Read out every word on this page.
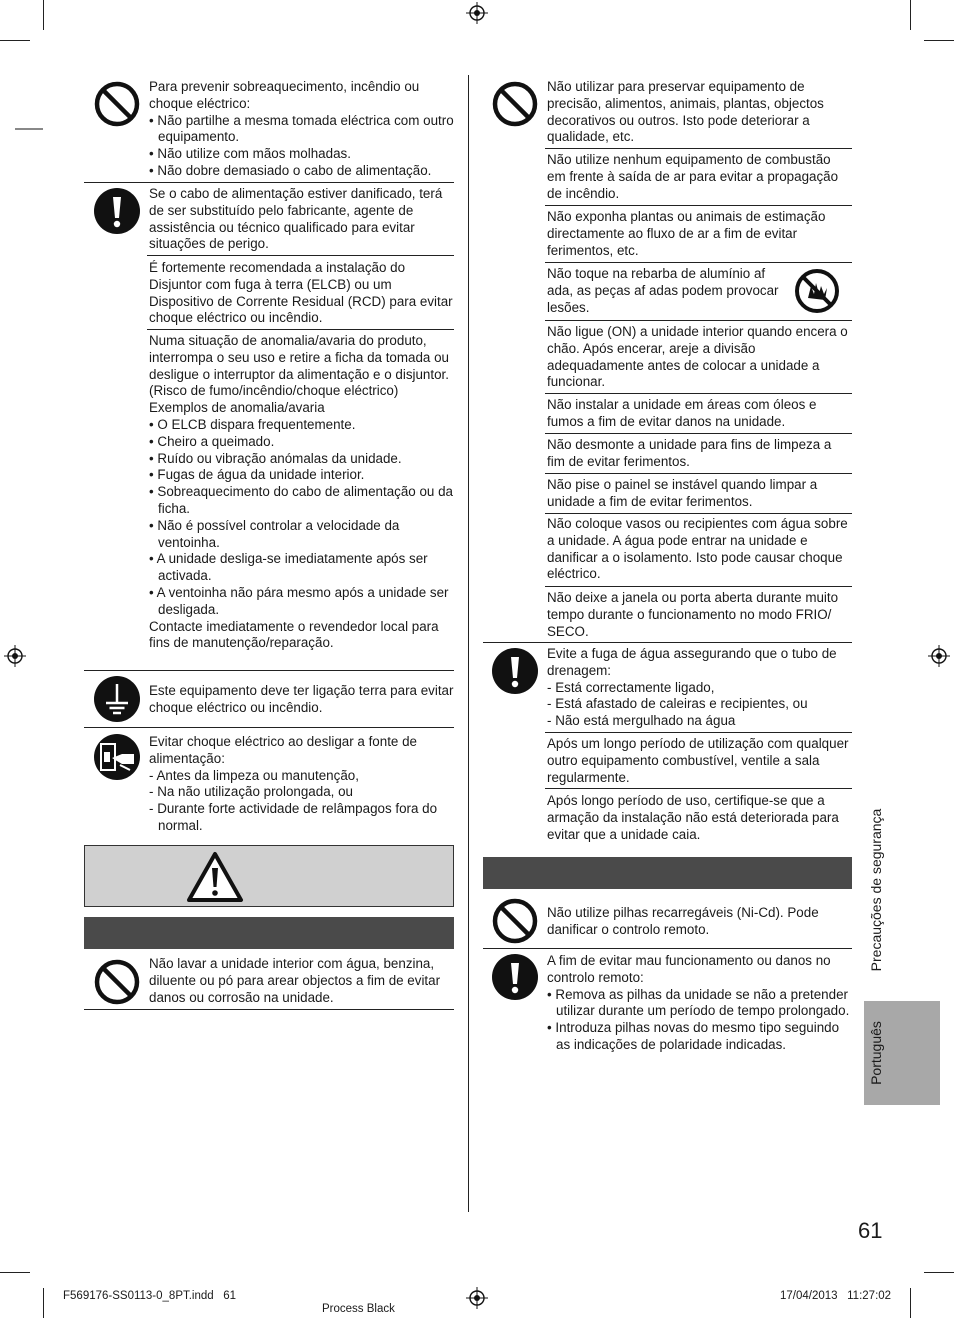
Para prevenir sobreaquecimento, incêndio ou choque eléctrico:

• Não partilhe a mesma tomada eléctrica com outro equipamento.
• Não utilize com mãos molhadas.
• Não dobre demasiado o cabo de alimentação.
Se o cabo de alimentação estiver danificado, terá de ser substituído pelo fabricante, agente de assistência ou técnico qualificado para evitar situações de perigo.
É fortemente recomendada a instalação do Disjuntor com fuga à terra (ELCB) ou um Dispositivo de Corrente Residual (RCD) para evitar choque eléctrico ou incêndio.

Numa situação de anomalia/avaria do produto, interrompa o seu uso e retire a ficha da tomada ou desligue o interruptor da alimentação e o disjuntor.

(Risco de fumo/incêndio/choque eléctrico)

Exemplos de anomalia/avaria

• O ELCB dispara frequentemente.
• Cheiro a queimado.
• Ruído ou vibração anómalas da unidade.
• Fugas de água da unidade interior.
• Sobreaquecimento do cabo de alimentação ou da ficha.
• Não é possível controlar a velocidade da ventoinha.
• A unidade desliga-se imediatamente após ser activada.
• A ventoinha não pára mesmo após a unidade ser desligada.

Contacte imediatamente o revendedor local para fins de manutenção/reparação.

Este equipamento deve ter ligação terra para evitar choque eléctrico ou incêndio.

Evitar choque eléctrico ao desligar a fonte de alimentação:

- Antes da limpeza ou manutenção,
- Na não utilização prolongada, ou
- Durante forte actividade de relâmpagos fora do normal.
Não lavar a unidade interior com água, benzina, diluente ou pó para arear objectos a fim de evitar danos ou corrosão na unidade.
Não utilizar para preservar equipamento de precisão, alimentos, animais, plantas, objectos decorativos ou outros. Isto pode deteriorar a qualidade, etc.
Não utilize nenhum equipamento de combustão em frente à saída de ar para evitar a propagação de incêndio.
Não exponha plantas ou animais de estimação directamente ao fluxo de ar a fim de evitar ferimentos, etc.
Não toque na rebarba de alumínio af ada, as peças af adas podem provocar lesões.
Não ligue (ON) a unidade interior quando encera o chão. Após encerar, areje a divisão adequadamente antes de colocar a unidade a funcionar.
Não instalar a unidade em áreas com óleos e fumos a fim de evitar danos na unidade.
Não desmonte a unidade para fins de limpeza a fim de evitar ferimentos.
Não pise o painel se instável quando limpar a unidade a fim de evitar ferimentos.
Não coloque vasos ou recipientes com água sobre a unidade. A água pode entrar na unidade e danificar a o isolamento. Isto pode causar choque eléctrico.
Não deixe a janela ou porta aberta durante muito tempo durante o funcionamento no modo FRIO/ SECO.

Evite a fuga de água assegurando que o tubo de drenagem:

- Está correctamente ligado,
- Está afastado de caleiras e recipientes, ou
- Não está mergulhado na água
Após um longo período de utilização com qualquer outro equipamento combustível, ventile a sala regularmente.
Após longo período de uso, certifique-se que a armação da instalação não está deteriorada para evitar que a unidade caia.
Não utilize pilhas recarregáveis (Ni-Cd). Pode danificar o controlo remoto.

A fim de evitar mau funcionamento ou danos no controlo remoto:

• Remova as pilhas da unidade se não a pretender utilizar durante um período de tempo prolongado.
• Introduza pilhas novas do mesmo tipo seguindo as indicações de polaridade indicadas.
Precauções de segurança
Português
61
F569176-SS0113-0_8PT.indd   61
Process Black
17/04/2013   11:27:02
